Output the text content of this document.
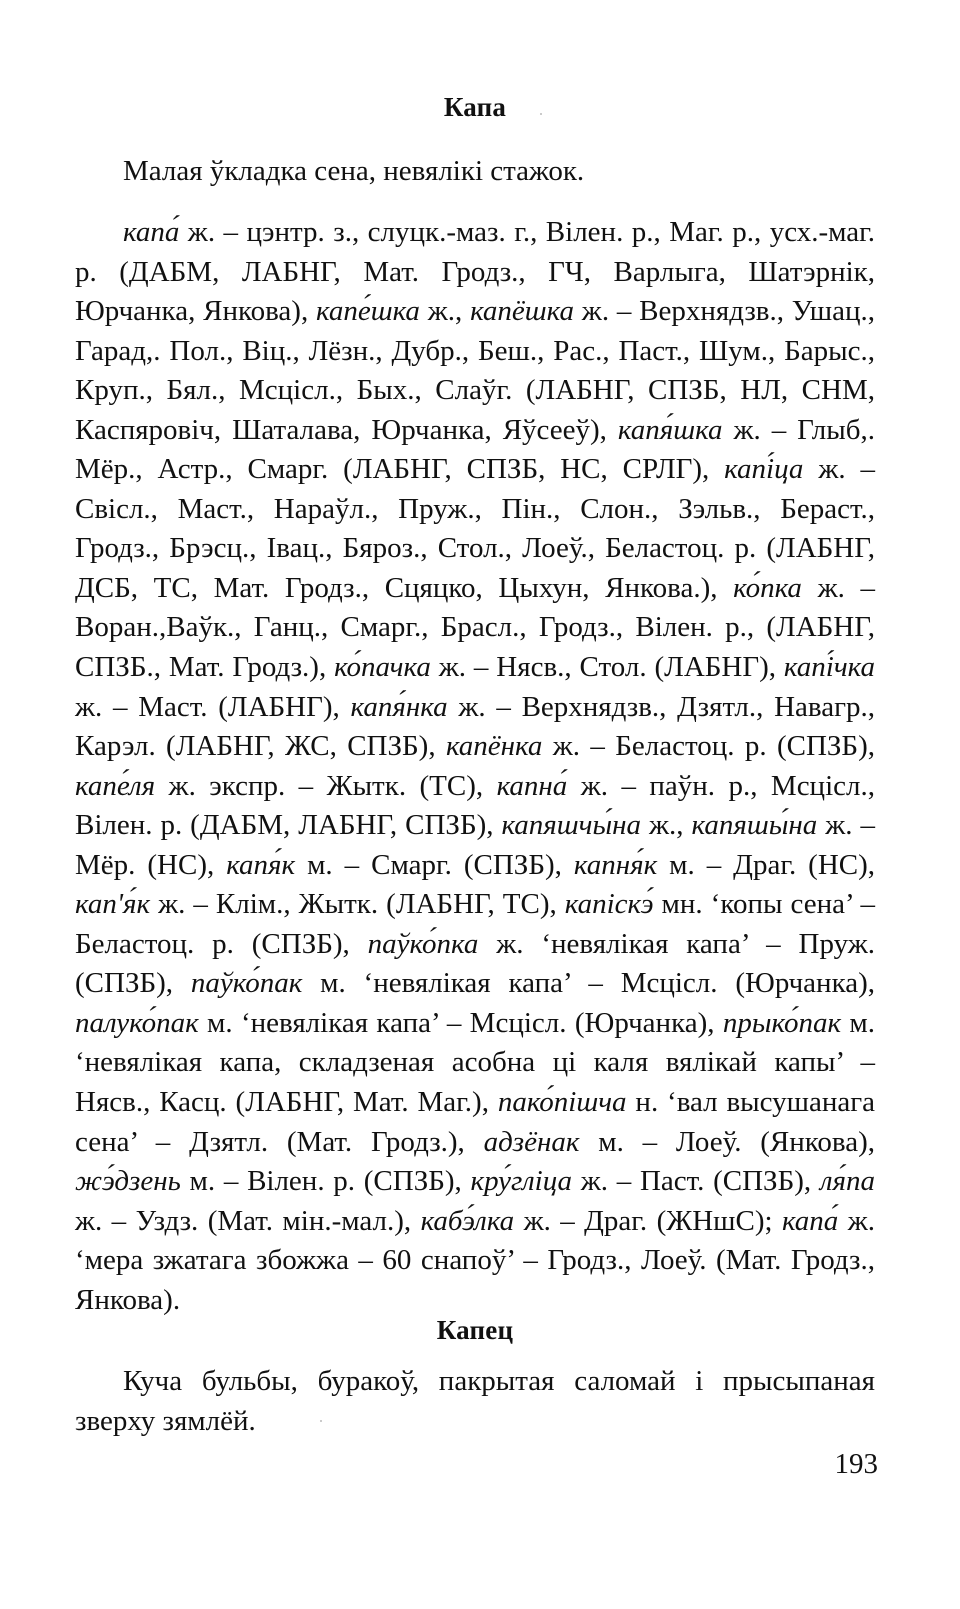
Капа

Малая ўкладка сена, невялікі стажок.

капа́ ж. – цэнтр. з., слуцк.-маз. г., Вілен. р., Маг. р., усх.-маг. р. (ДАБМ, ЛАБНГ, Мат. Гродз., ГЧ, Варлыга, Шатэрнік, Юрчанка, Янкова), капе́шка ж., капёшка ж. – Верхнядзв., Ушац., Гарад,. Пол., Віц., Лёзн., Дубр., Беш., Рас., Паст., Шум., Барыс., Круп., Бял., Мсцісл., Бых., Слаўг. (ЛАБНГ, СПЗБ, НЛ, СНМ, Каспяровіч, Шаталава, Юрчанка, Яўсееў), капя́шка ж. – Глыб,. Мёр., Астр., Смарг. (ЛАБНГ, СПЗБ, НС, СРЛГ), капі́ца ж. – Свісл., Маст., Нараўл., Пруж., Пін., Слон., Зэльв., Бераст., Гродз., Брэсц., Івац., Бяроз., Стол., Лоеў., Беластоц. р. (ЛАБНГ, ДСБ, ТС, Мат. Гродз., Сцяцко, Цыхун, Янкова.), ко́пка ж. – Воран.,Ваўк., Ганц., Смарг., Брасл., Гродз., Вілен. р., (ЛАБНГ, СПЗБ., Мат. Гродз.), ко́пачка ж. – Нясв., Стол. (ЛАБНГ), капі́чка ж. – Маст. (ЛАБНГ), капя́нка ж. – Верхнядзв., Дзятл., Навагр., Карэл. (ЛАБНГ, ЖС, СПЗБ), капёнка ж. – Беластоц. р. (СПЗБ), капе́ля ж. экспр. – Жытк. (ТС), капна́ ж. – паўн. р., Мсцісл., Вілен. р. (ДАБМ, ЛАБНГ, СПЗБ), капяшчы́на ж., капяшы́на ж. – Мёр. (НС), капя́к м. – Смарг. (СПЗБ), капня́к м. – Драг. (НС), кап'я́к ж. – Клім., Жытк. (ЛАБНГ, ТС), капіскэ́ мн. ‘копы сена’ – Беластоц. р. (СПЗБ), паўко́пка ж. ‘невялікая капа’ – Пруж. (СПЗБ), паўко́пак м. ‘невялікая капа’ – Мсцісл. (Юрчанка), палуко́пак м. ‘невялікая капа’ – Мсцісл. (Юрчанка), прыко́пак м. ‘невялікая капа, складзеная асобна ці каля вялікай капы’ – Нясв., Касц. (ЛАБНГ, Мат. Маг.), пако́пішча н. ‘вал высушанага сена’ – Дзятл. (Мат. Гродз.), адзёнак м. – Лоеў. (Янкова), жэ́дзень м. – Вілен. р. (СПЗБ), кру́гліца ж. – Паст. (СПЗБ), ля́па ж. – Уздз. (Мат. мін.-мал.), кабэ́лка ж. – Драг. (ЖНшС); капа́ ж. ‘мера зжатага збожжа – 60 снапоў’ – Гродз., Лоеў. (Мат. Гродз., Янкова).

Капец

Куча бульбы, буракоў, пакрытая саломай і прысыпаная зверху зямлёй.

193
